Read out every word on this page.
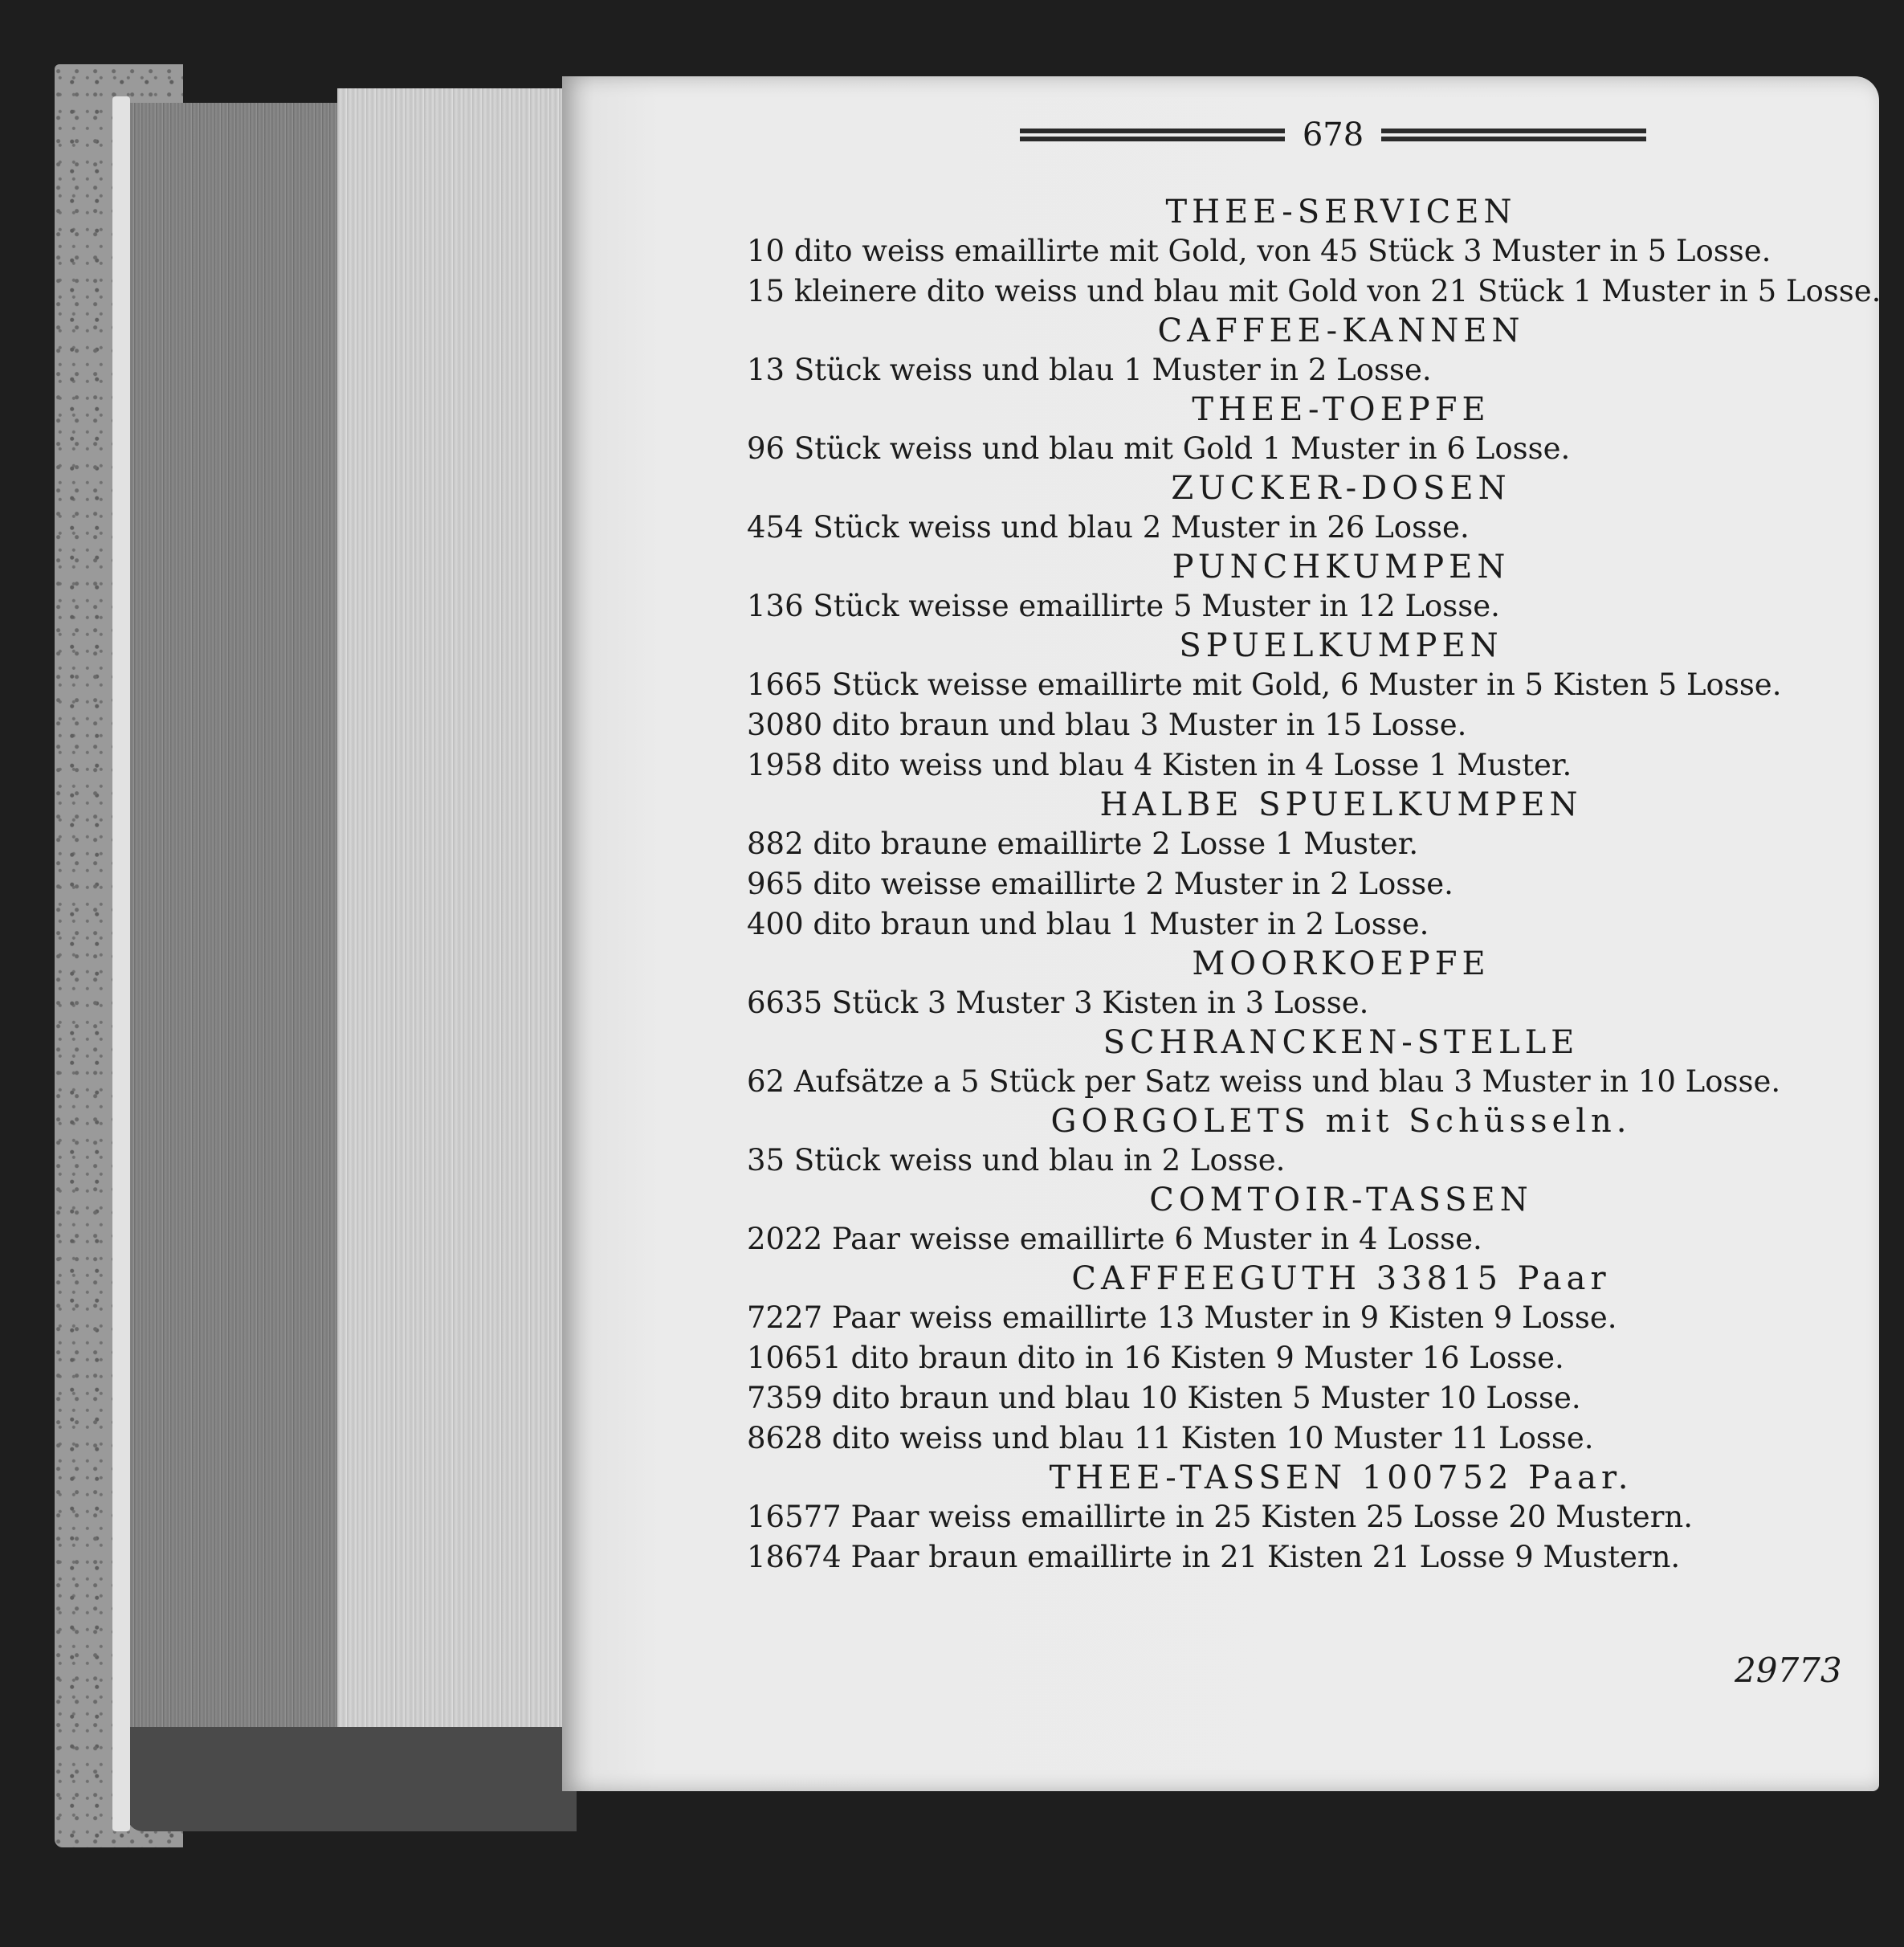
678
THEE-SERVICEN
10 dito weiss emaillirte mit Gold, von 45 Stück 3 Muster in 5 Losse.
15 kleinere dito weiss und blau mit Gold von 21 Stück 1 Muster in 5 Losse.
CAFFEE-KANNEN
13 Stück weiss und blau 1 Muster in 2 Losse.
THEE-TOEPFE
96 Stück weiss und blau mit Gold 1 Muster in 6 Losse.
ZUCKER-DOSEN
454 Stück weiss und blau 2 Muster in 26 Losse.
PUNCHKUMPEN
136 Stück weisse emaillirte 5 Muster in 12 Losse.
SPUELKUMPEN
1665 Stück weisse emaillirte mit Gold, 6 Muster in 5 Kisten 5 Losse.
3080 dito braun und blau 3 Muster in 15 Losse.
1958 dito weiss und blau 4 Kisten in 4 Losse 1 Muster.
HALBE SPUELKUMPEN
882 dito braune emaillirte 2 Losse 1 Muster.
965 dito weisse emaillirte 2 Muster in 2 Losse.
400 dito braun und blau 1 Muster in 2 Losse.
MOORKOEPFE
6635 Stück 3 Muster 3 Kisten in 3 Losse.
SCHRANCKEN-STELLE
62 Aufsätze a 5 Stück per Satz weiss und blau 3 Muster in 10 Losse.
GORGOLETS mit Schüsseln.
35 Stück weiss und blau in 2 Losse.
COMTOIR-TASSEN
2022 Paar weisse emaillirte 6 Muster in 4 Losse.
CAFFEEGUTH 33815 Paar
7227 Paar weiss emaillirte 13 Muster in 9 Kisten 9 Losse.
10651 dito braun dito in 16 Kisten 9 Muster 16 Losse.
7359 dito braun und blau 10 Kisten 5 Muster 10 Losse.
8628 dito weiss und blau 11 Kisten 10 Muster 11 Losse.
THEE-TASSEN 100752 Paar.
16577 Paar weiss emaillirte in 25 Kisten 25 Losse 20 Mustern.
18674 Paar braun emaillirte in 21 Kisten 21 Losse 9 Mustern.
29773
